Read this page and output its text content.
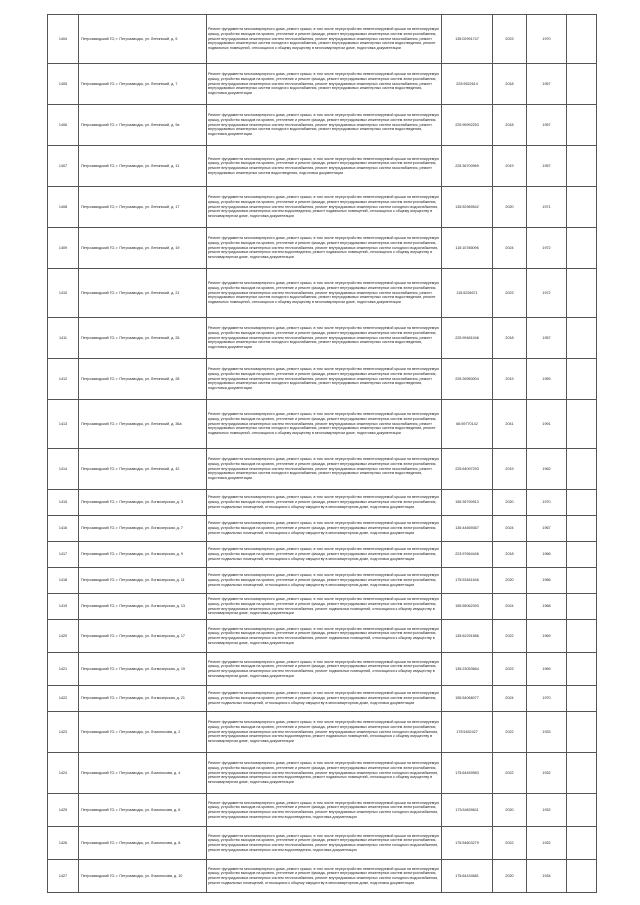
1404	Петрозаводский ГО, г. Петрозаводск, ул. Ленинский, д. 5	Ремонт фундамента многоквартирного дома, ремонт крыши, в том числе переустройство невентилируемой крыши на вентилируемую крышу, устройство выходов на кровлю, утепление и ремонт фасада, ремонт внутридомовых инженерных систем электроснабжения, ремонт внутридомовых инженерных систем теплоснабжения, ремонт внутридомовых инженерных систем газоснабжения, ремонт внутридомовых инженерных систем холодного водоснабжения, ремонт внутридомовых инженерных систем водоотведения, ремонт подвальных помещений, относящихся к общему имуществу в многоквартирном доме, подготовка документации	135:02991747	2023	1970	
1405	Петрозаводский ГО, г. Петрозаводск, ул. Ленинский, д. 7	Ремонт фундамента многоквартирного дома, ремонт крыши, в том числе переустройство невентилируемой крыши на вентилируемую крышу, устройство выходов на кровлю, утепление и ремонт фасада, ремонт внутридомовых инженерных систем электроснабжения, ремонт внутридомовых инженерных систем теплоснабжения, ремонт внутридомовых инженерных систем газоснабжения, ремонт внутридомовых инженерных систем холодного водоснабжения, ремонт внутридомовых инженерных систем водоотведения, подготовка документации	225:9522614	2018	1957	
1406	Петрозаводский ГО, г. Петрозаводск, ул. Ленинский, д. 9а	Ремонт фундамента многоквартирного дома, ремонт крыши, в том числе переустройство невентилируемой крыши на вентилируемую крышу, устройство выходов на кровлю, утепление и ремонт фасада, ремонт внутридомовых инженерных систем электроснабжения, ремонт внутридомовых инженерных систем теплоснабжения, ремонт внутридомовых инженерных систем газоснабжения, ремонт внутридомовых инженерных систем холодного водоснабжения, ремонт внутридомовых инженерных систем водоотведения, подготовка документации	225:95992253	2018	1957	
1407	Петрозаводский ГО, г. Петрозаводск, ул. Ленинский, д. 11	Ремонт фундамента многоквартирного дома, ремонт крыши, в том числе переустройство невентилируемой крыши на вентилируемую крышу, устройство выходов на кровлю, утепление и ремонт фасада, ремонт внутридомовых инженерных систем электроснабжения, ремонт внутридомовых инженерных систем теплоснабжения, ремонт внутридомовых инженерных систем газоснабжения, ремонт внутридомовых инженерных систем водоотведения, подготовка документации	225:36700969	2019	1957	
1408	Петрозаводский ГО, г. Петрозаводск, ул. Ленинский, д. 17	Ремонт фундамента многоквартирного дома, ремонт крыши, в том числе переустройство невентилируемой крыши на вентилируемую крышу, устройство выходов на кровлю, утепление и ремонт фасада, ремонт внутридомовых инженерных систем электроснабжения, ремонт внутридомовых инженерных систем теплоснабжения, ремонт внутридомовых инженерных систем холодного водоснабжения, ремонт внутридомовых инженерных систем водоотведения, ремонт подвальных помещений, относящихся к общему имуществу в многоквартирном доме, подготовка документации	135:52989542	2020	1971	
1409	Петрозаводский ГО, г. Петрозаводск, ул. Ленинский, д. 19	Ремонт фундамента многоквартирного дома, ремонт крыши, в том числе переустройство невентилируемой крыши на вентилируемую крышу, устройство выходов на кровлю, утепление и ремонт фасада, ремонт внутридомовых инженерных систем электроснабжения, ремонт внутридомовых инженерных систем теплоснабжения, ремонт внутридомовых инженерных систем холодного водоснабжения, ремонт внутридомовых инженерных систем водоотведения, ремонт подвальных помещений, относящихся к общему имуществу в многоквартирном доме, подготовка документации	115:10786096	2024	1972	
1410	Петрозаводский ГО, г. Петрозаводск, ул. Ленинский, д. 21	Ремонт фундамента многоквартирного дома, ремонт крыши, в том числе переустройство невентилируемой крыши на вентилируемую крышу, устройство выходов на кровлю, утепление и ремонт фасада, ремонт внутридомовых инженерных систем электроснабжения, ремонт внутридомовых инженерных систем теплоснабжения, ремонт внутридомовых инженерных систем газоснабжения, ремонт внутридомовых инженерных систем холодного водоснабжения, ремонт внутридомовых инженерных систем водоотведения, ремонт подвальных помещений, относящихся к общему имуществу в многоквартирном доме, подготовка документации	115:5226671	2023	1972	
1411	Петрозаводский ГО, г. Петрозаводск, ул. Ленинский, д. 26	Ремонт фундамента многоквартирного дома, ремонт крыши, в том числе переустройство невентилируемой крыши на вентилируемую крышу, устройство выходов на кровлю, утепление и ремонт фасада, ремонт внутридомовых инженерных систем электроснабжения, ремонт внутридомовых инженерных систем теплоснабжения, ремонт внутридомовых инженерных систем газоснабжения, ремонт внутридомовых инженерных систем холодного водоснабжения, ремонт внутридомовых инженерных систем водоотведения, подготовка документации	225:99481046	2018	1957	
1412	Петрозаводский ГО, г. Петрозаводск, ул. Ленинский, д. 28	Ремонт фундамента многоквартирного дома, ремонт крыши, в том числе переустройство невентилируемой крыши на вентилируемую крышу, устройство выходов на кровлю, утепление и ремонт фасада, ремонт внутридомовых инженерных систем электроснабжения, ремонт внутридомовых инженерных систем теплоснабжения, ремонт внутридомовых инженерных систем газоснабжения, ремонт внутридомовых инженерных систем холодного водоснабжения, ремонт внутридомовых инженерных систем водоотведения, подготовка документации	225:26950004	2019	1959	
1413	Петрозаводский ГО, г. Петрозаводск, ул. Ленинский, д. 36а	Ремонт фундамента многоквартирного дома, ремонт крыши, в том числе переустройство невентилируемой крыши на вентилируемую крышу, устройство выходов на кровлю, утепление и ремонт фасада, ремонт внутридомовых инженерных систем электроснабжения, ремонт внутридомовых инженерных систем теплоснабжения, ремонт внутридомовых инженерных систем газоснабжения, ремонт внутридомовых инженерных систем холодного водоснабжения, ремонт внутридомовых инженерных систем водоотведения, ремонт подвальных помещений, относящихся к общему имуществу в многоквартирном доме, подготовка документации	66:59770142	2041	1991	
1414	Петрозаводский ГО, г. Петрозаводск, ул. Ленинский, д. 42	Ремонт фундамента многоквартирного дома, ремонт крыши, в том числе переустройство невентилируемой крыши на вентилируемую крышу, устройство выходов на кровлю, утепление и ремонт фасада, ремонт внутридомовых инженерных систем электроснабжения, ремонт внутридомовых инженерных систем теплоснабжения, ремонт внутридомовых инженерных систем газоснабжения, ремонт внутридомовых инженерных систем холодного водоснабжения, ремонт внутридомовых инженерных систем водоотведения, подготовка документации	225:64097293	2019	1962	
1415	Петрозаводский ГО, г. Петрозаводск, ул. Логмозерская, д. 3	Ремонт фундамента многоквартирного дома, ремонт крыши, в том числе переустройство невентилируемой крыши на вентилируемую крышу, устройство выходов на кровлю, утепление и ремонт фасада, ремонт внутридомовых инженерных систем электроснабжения, ремонт подвальных помещений, относящихся к общему имуществу в многоквартирном доме, подготовка документации	155:35790913	2020	1970	
1416	Петрозаводский ГО, г. Петрозаводск, ул. Логмозерская, д. 7	Ремонт фундамента многоквартирного дома, ремонт крыши, в том числе переустройство невентилируемой крыши на вентилируемую крышу, устройство выходов на кровлю, утепление и ремонт фасада, ремонт внутридомовых инженерных систем электроснабжения, ремонт подвальных помещений, относящихся к общему имуществу в многоквартирном доме, подготовка документации	135:44659367	2024	1967	
1417	Петрозаводский ГО, г. Петрозаводск, ул. Логмозерская, д. 9	Ремонт фундамента многоквартирного дома, ремонт крыши, в том числе переустройство невентилируемой крыши на вентилируемую крышу, устройство выходов на кровлю, утепление и ремонт фасада, ремонт внутридомовых инженерных систем электроснабжения, ремонт подвальных помещений, относящихся к общему имуществу в многоквартирном доме, подготовка документации	223:97664446	2018	1966	
1418	Петрозаводский ГО, г. Петрозаводск, ул. Логмозерская, д. 11	Ремонт фундамента многоквартирного дома, ремонт крыши, в том числе переустройство невентилируемой крыши на вентилируемую крышу, устройство выходов на кровлю, утепление и ремонт фасада, ремонт внутридомовых инженерных систем электроснабжения, ремонт подвальных помещений, относящихся к общему имуществу в многоквартирном доме, подготовка документации	175:53461646	2020	1966	
1419	Петрозаводский ГО, г. Петрозаводск, ул. Логмозерская, д. 13	Ремонт фундамента многоквартирного дома, ремонт крыши, в том числе переустройство невентилируемой крыши на вентилируемую крышу, устройство выходов на кровлю, утепление и ремонт фасада, ремонт внутридомовых инженерных систем электроснабжения, ремонт внутридомовых инженерных систем теплоснабжения, ремонт подвальных помещений, относящихся к общему имуществу в многоквартирном доме, подготовка документации	155:55062393	2024	1968	
1420	Петрозаводский ГО, г. Петрозаводск, ул. Логмозерская, д. 17	Ремонт фундамента многоквартирного дома, ремонт крыши, в том числе переустройство невентилируемой крыши на вентилируемую крышу, устройство выходов на кровлю, утепление и ремонт фасада, ремонт внутридомовых инженерных систем электроснабжения, ремонт внутридомовых инженерных систем теплоснабжения, ремонт подвальных помещений, относящихся к общему имуществу в многоквартирном доме, подготовка документации	135:62291586	2022	1969	
1421	Петрозаводский ГО, г. Петрозаводск, ул. Логмозерская, д. 19	Ремонт фундамента многоквартирного дома, ремонт крыши, в том числе переустройство невентилируемой крыши на вентилируемую крышу, устройство выходов на кровлю, утепление и ремонт фасада, ремонт внутридомовых инженерных систем электроснабжения, ремонт внутридомовых инженерных систем теплоснабжения, ремонт подвальных помещений, относящихся к общему имуществу в многоквартирном доме, подготовка документации	135:23053664	2023	1969	
1422	Петрозаводский ГО, г. Петрозаводск, ул. Логмозерская, д. 21	Ремонт фундамента многоквартирного дома, ремонт крыши, в том числе переустройство невентилируемой крыши на вентилируемую крышу, устройство выходов на кровлю, утепление и ремонт фасада, ремонт внутридомовых инженерных систем электроснабжения, ремонт подвальных помещений, относящихся к общему имуществу в многоквартирном доме, подготовка документации	155:54066077	2024	1970	
1423	Петрозаводский ГО, г. Петрозаводск, ул. Ломоносова, д. 2	Ремонт фундамента многоквартирного дома, ремонт крыши, в том числе переустройство невентилируемой крыши на вентилируемую крышу, устройство выходов на кровлю, утепление и ремонт фасада, ремонт внутридомовых инженерных систем электроснабжения, ремонт внутридомовых инженерных систем теплоснабжения, ремонт внутридомовых инженерных систем холодного водоснабжения, ремонт внутридомовых инженерных систем водоотведения, ремонт подвальных помещений, относящихся к общему имуществу в многоквартирном доме, подготовка документации	175:5452427	2022	1933	
1424	Петрозаводский ГО, г. Петрозаводск, ул. Ломоносова, д. 4	Ремонт фундамента многоквартирного дома, ремонт крыши, в том числе переустройство невентилируемой крыши на вентилируемую крышу, устройство выходов на кровлю, утепление и ремонт фасада, ремонт внутридомовых инженерных систем электроснабжения, ремонт внутридомовых инженерных систем теплоснабжения, ремонт внутридомовых инженерных систем холодного водоснабжения, ремонт внутридомовых инженерных систем водоотведения, ремонт подвальных помещений, относящихся к общему имуществу в многоквартирном доме, подготовка документации	175:64459983	2022	1932	
1425	Петрозаводский ГО, г. Петрозаводск, ул. Ломоносова, д. 6	Ремонт фундамента многоквартирного дома, ремонт крыши, в том числе переустройство невентилируемой крыши на вентилируемую крышу, устройство выходов на кровлю, утепление и ремонт фасада, ремонт внутридомовых инженерных систем электроснабжения, ремонт внутридомовых инженерных систем теплоснабжения, ремонт внутридомовых инженерных систем холодного водоснабжения, ремонт внутридомовых инженерных систем водоотведения, подготовка документации	175:54639611	2020	1932	
1426	Петрозаводский ГО, г. Петрозаводск, ул. Ломоносова, д. 8	Ремонт фундамента многоквартирного дома, ремонт крыши, в том числе переустройство невентилируемой крыши на вентилируемую крышу, устройство выходов на кровлю, утепление и ремонт фасада, ремонт внутридомовых инженерных систем электроснабжения, ремонт внутридомовых инженерных систем теплоснабжения, ремонт внутридомовых инженерных систем холодного водоснабжения, ремонт внутридомовых инженерных систем водоотведения, подготовка документации	175:54603279	2022	1932	
1427	Петрозаводский ГО, г. Петрозаводск, ул. Ломоносова, д. 10	Ремонт фундамента многоквартирного дома, ремонт крыши, в том числе переустройство невентилируемой крыши на вентилируемую крышу, устройство выходов на кровлю, утепление и ремонт фасада, ремонт внутридомовых инженерных систем электроснабжения, ремонт внутридомовых инженерных систем теплоснабжения, ремонт внутридомовых инженерных систем холодного водоснабжения, ремонт подвальных помещений, относящихся к общему имуществу в многоквартирном доме, подготовка документации	175:64434681	2020	1934	
